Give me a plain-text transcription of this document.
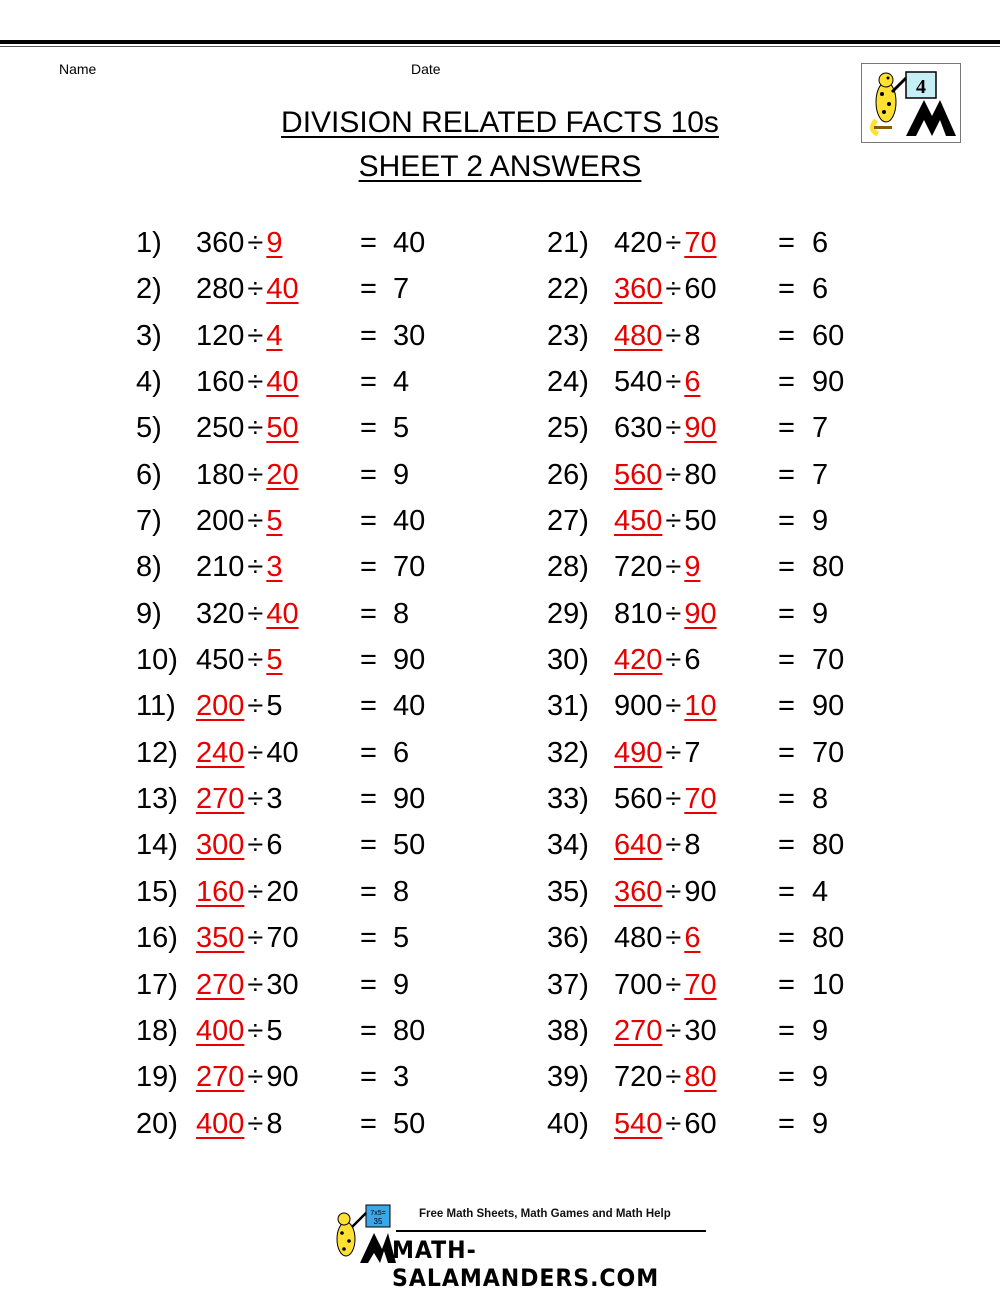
Name	Date
4
DIVISION RELATED FACTS 10s
SHEET 2 ANSWERS
1) 360 ÷ 9	= 40
2) 280 ÷ 40 = 7
3) 120 ÷ 4	= 30
4) 160 ÷ 40 = 4
5) 250 ÷ 50 = 5
6) 180 ÷ 20 = 9
7) 200 ÷ 5	= 40
8) 210 ÷ 3	= 70
9) 320 ÷ 40 = 8
10) 450 ÷ 5	= 90
11) 200 ÷ 5	= 40
12) 240 ÷ 40 = 6
13) 270 ÷ 3	= 90
14) 300 ÷ 6	= 50
15) 160 ÷ 20 = 8
16) 350 ÷ 70 = 5
17) 270 ÷ 30 = 9
18) 400 ÷ 5	= 80
19) 270 ÷ 90 = 3
20) 400 ÷ 8	= 50
21) 420 ÷ 70 = 6
22) 360 ÷ 60 = 6
23) 480 ÷ 8	= 60
24) 540 ÷ 6	= 90
25) 630 ÷ 90 = 7
26) 560 ÷ 80 = 7
27) 450 ÷ 50 = 9
28) 720 ÷ 9	= 80
29) 810 ÷ 90 = 9
30) 420 ÷ 6	= 70
31) 900 ÷ 10 = 90
32) 490 ÷ 7	= 70
33) 560 ÷ 70 = 8
34) 640 ÷ 8	= 80
35) 360 ÷ 90 = 4
36) 480 ÷ 6	= 80
37) 700 ÷ 70 = 10
38) 270 ÷ 30 = 9
39) 720 ÷ 80 = 9
40) 540 ÷ 60 = 9
7x5=
35
Free Math Sheets, Math Games and Math Help
MATH-SALAMANDERS.COM
